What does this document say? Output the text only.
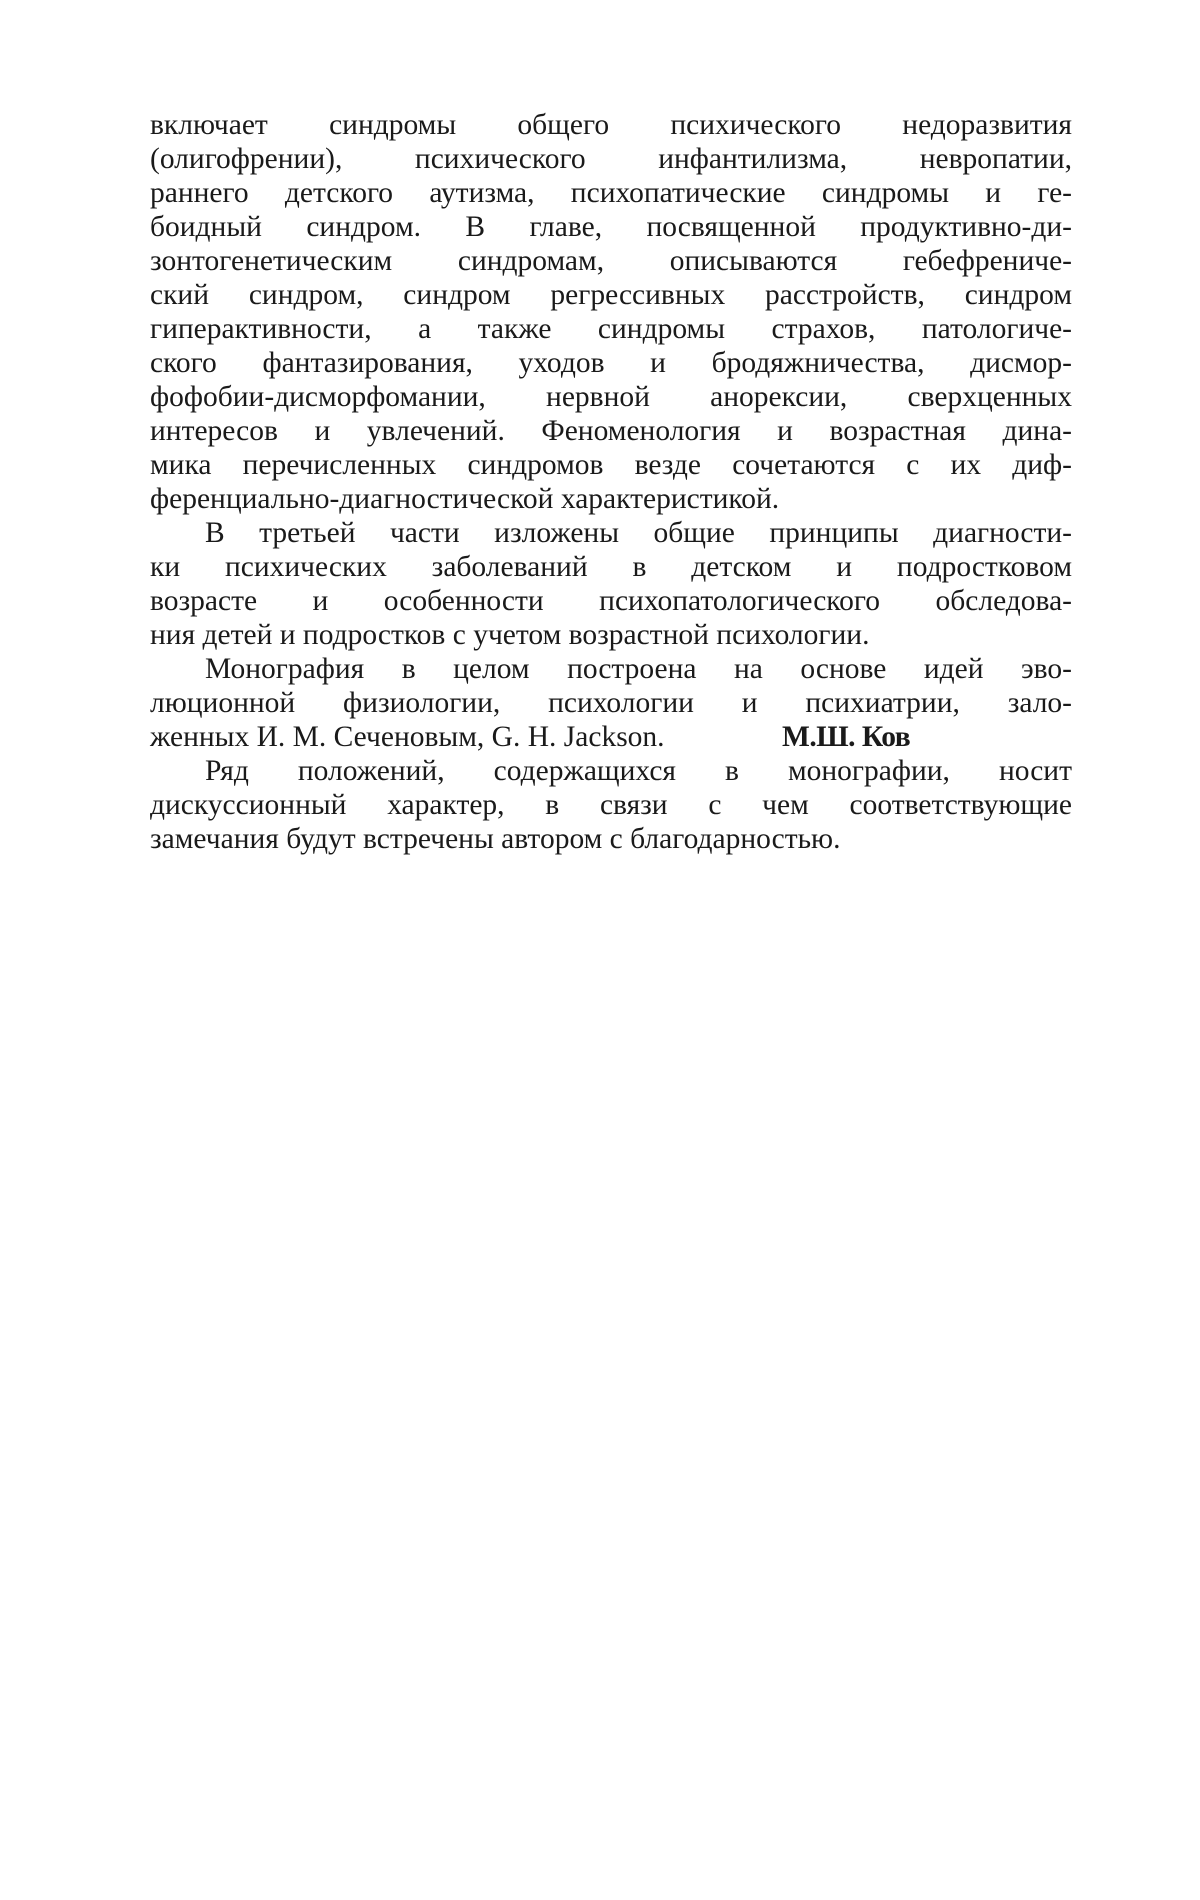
включает синдромы общего психического недоразвития
(олигофрении), психического инфантилизма, невропатии,
раннего детского аутизма, психопатические синдромы и ге-
боидный синдром. В главе, посвященной продуктивно-ди-
зонтогенетическим синдромам, описываются гебефрениче-
ский синдром, синдром регрессивных расстройств, синдром
гиперактивности, а также синдромы страхов, патологиче-
ского фантазирования, уходов и бродяжничества, дисмор-
фофобии-дисморфомании, нервной анорексии, сверхценных
интересов и увлечений. Феноменология и возрастная дина-
мика перечисленных синдромов везде сочетаются с их диф-
ференциально-диагностической характеристикой.
В третьей части изложены общие принципы диагности-
ки психических заболеваний в детском и подростковом
возрасте и особенности психопатологического обследова-
ния детей и подростков с учетом возрастной психологии.
Монография в целом построена на основе идей эво-
люционной физиологии, психологии и психиатрии, зало-
женных И. М. Сеченовым, G. H. Jackson.	М.Ш. Ков
Ряд положений, содержащихся в монографии, носит
дискуссионный характер, в связи с чем соответствующие
замечания будут встречены автором с благодарностью.
